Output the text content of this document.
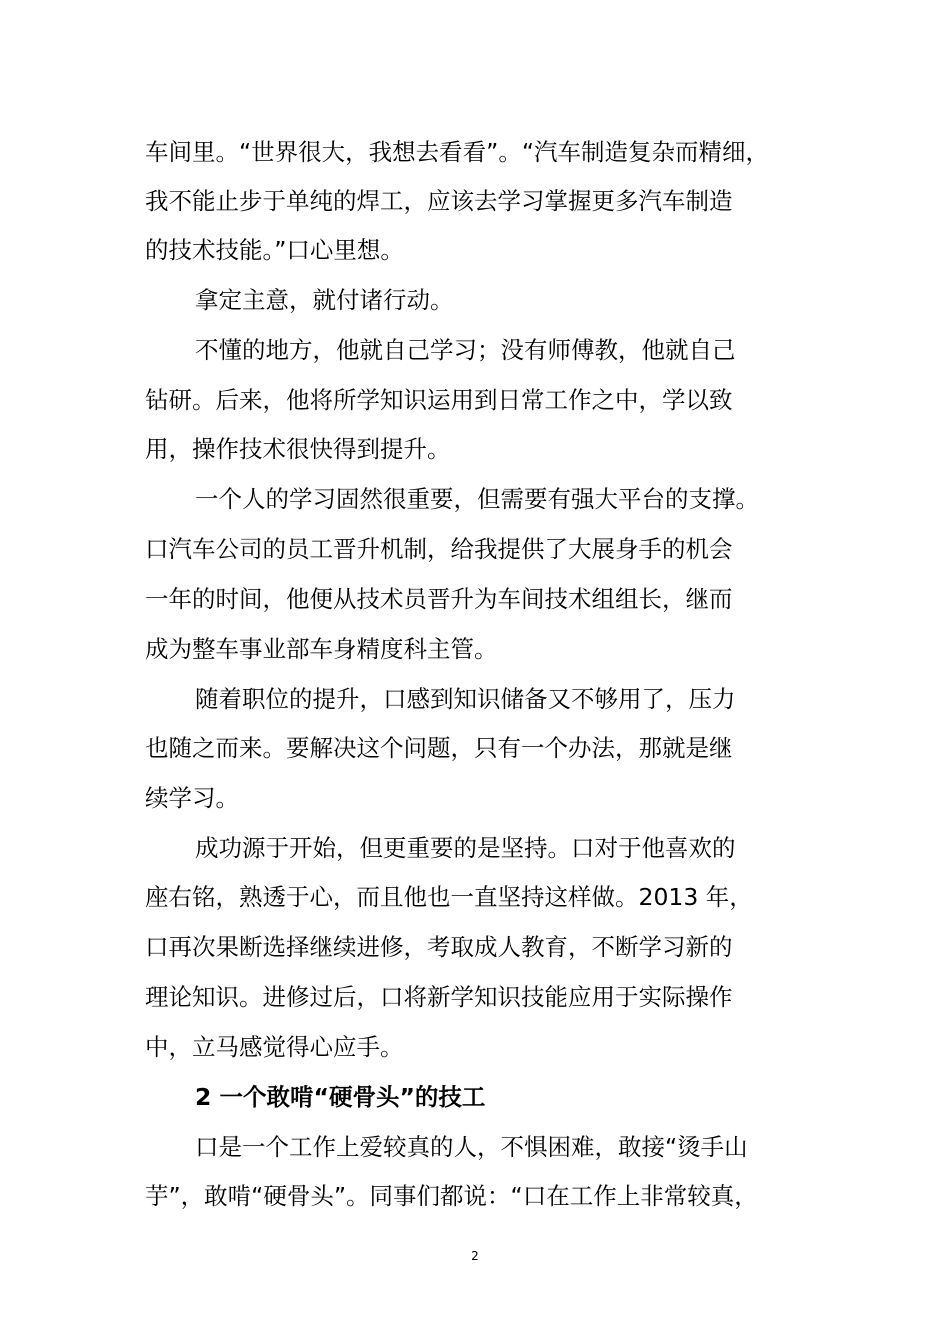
车间里。“世界很大，我想去看看”。“汽车制造复杂而精细，
我不能止步于单纯的焊工，应该去学习掌握更多汽车制造
的技术技能。”口心里想。
拿定主意，就付诸行动。
不懂的地方，他就自己学习；没有师傅教，他就自己
钻研。后来，他将所学知识运用到日常工作之中，学以致
用，操作技术很快得到提升。
一个人的学习固然很重要，但需要有强大平台的支撑。
口汽车公司的员工晋升机制，给我提供了大展身手的机会
一年的时间，他便从技术员晋升为车间技术组组长，继而
成为整车事业部车身精度科主管。
随着职位的提升，口感到知识储备又不够用了，压力
也随之而来。要解决这个问题，只有一个办法，那就是继
续学习。
成功源于开始，但更重要的是坚持。口对于他喜欢的
座右铭，熟透于心，而且他也一直坚持这样做。2013 年，
口再次果断选择继续进修，考取成人教育，不断学习新的
理论知识。进修过后，口将新学知识技能应用于实际操作
中，立马感觉得心应手。
2 一个敢啃“硬骨头”的技工
口是一个工作上爱较真的人，不惧困难，敢接“烫手山
芋”，敢啃“硬骨头”。同事们都说：“口在工作上非常较真，
2
